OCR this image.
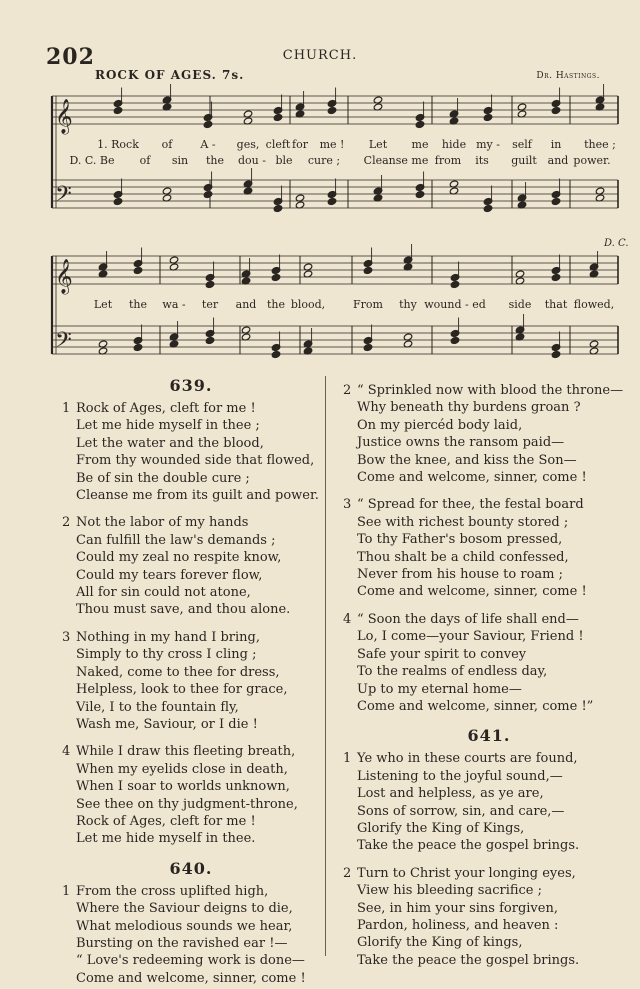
202	CHURCH.
ROCK OF AGES. 7s.	Dr. Hastings.
D. C.
𝄞
𝄢
𝄞
𝄢
1. Rock of	A - ges, cleft for me ! Let me hide my - self in thee ;
D. C. Be of sin the dou - ble cure ; Cleanse me from its guilt and power.
Let the wa - ter and the blood,	From thy wound - ed side that flowed,
639.
1 Rock of Ages, cleft for me !
Let me hide myself in thee ;
Let the water and the blood,
From thy wounded side that flowed,
Be of sin the double cure ;
Cleanse me from its guilt and power.
2 Not the labor of my hands
Can fulfill the law's demands ;
Could my zeal no respite know,
Could my tears forever flow,
All for sin could not atone,
Thou must save, and thou alone.
3 Nothing in my hand I bring,
Simply to thy cross I cling ;
Naked, come to thee for dress,
Helpless, look to thee for grace,
Vile, I to the fountain fly,
Wash me, Saviour, or I die !
4 While I draw this fleeting breath,
When my eyelids close in death,
When I soar to worlds unknown,
See thee on thy judgment-throne,
Rock of Ages, cleft for me !
Let me hide myself in thee.
640.
1 From the cross uplifted high,
Where the Saviour deigns to die,
What melodious sounds we hear,
Bursting on the ravished ear !—
“ Love's redeeming work is done—
Come and welcome, sinner, come !
2 “ Sprinkled now with blood the throne—
Why beneath thy burdens groan ?
On my piercéd body laid,
Justice owns the ransom paid—
Bow the knee, and kiss the Son—
Come and welcome, sinner, come !
3 “ Spread for thee, the festal board
See with richest bounty stored ;
To thy Father's bosom pressed,
Thou shalt be a child confessed,
Never from his house to roam ;
Come and welcome, sinner, come !
4 “ Soon the days of life shall end—
Lo, I come—your Saviour, Friend !
Safe your spirit to convey
To the realms of endless day,
Up to my eternal home—
Come and welcome, sinner, come !”
641.
1 Ye who in these courts are found,
Listening to the joyful sound,—
Lost and helpless, as ye are,
Sons of sorrow, sin, and care,—
Glorify the King of Kings,
Take the peace the gospel brings.
2 Turn to Christ your longing eyes,
View his bleeding sacrifice ;
See, in him your sins forgiven,
Pardon, holiness, and heaven :
Glorify the King of kings,
Take the peace the gospel brings.
